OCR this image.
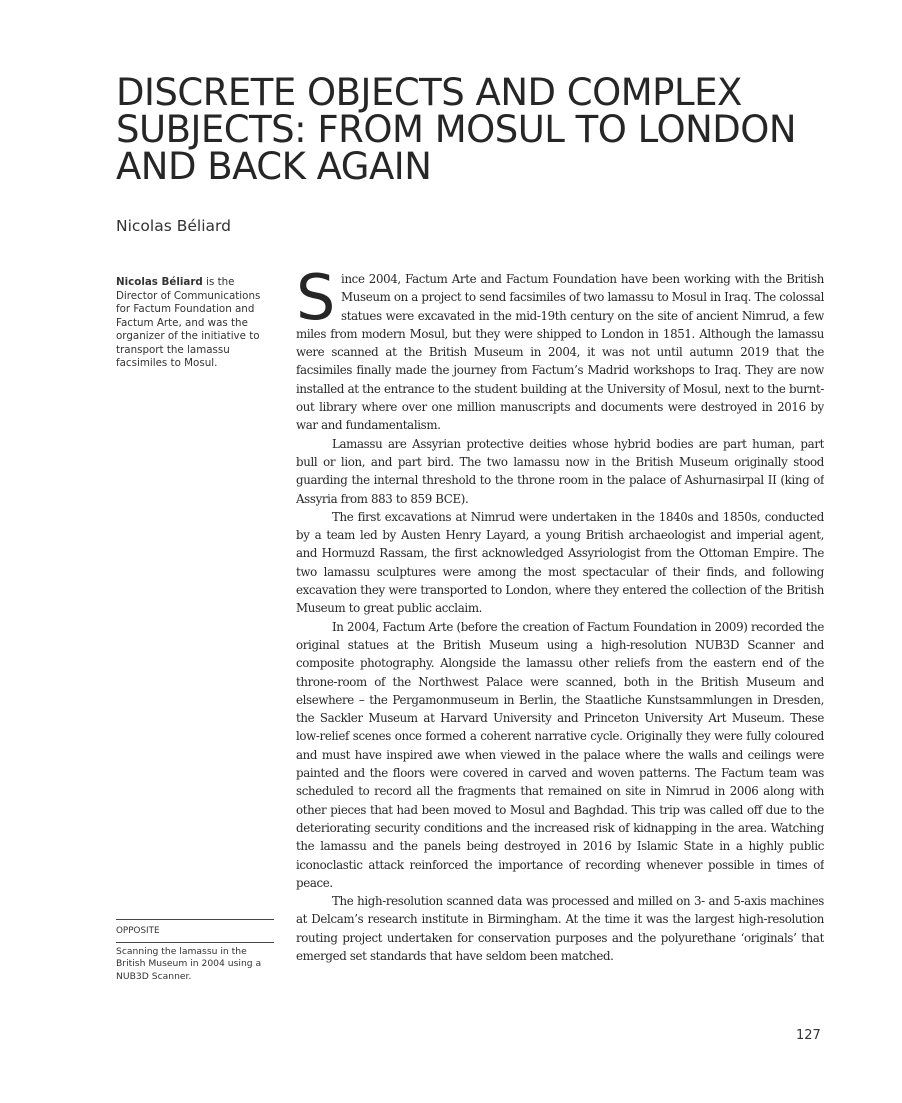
DISCRETE OBJECTS AND COMPLEX SUBJECTS: FROM MOSUL TO LONDON AND BACK AGAIN
Nicolas Béliard

Nicolas Béliard is the Director of Communications for Factum Foundation and Factum Arte, and was the organizer of the initiative to transport the lamassu facsimiles to Mosul.

OPPOSITE

Scanning the lamassu in the British Museum in 2004 using a NUB3D Scanner.

Since 2004, Factum Arte and Factum Foundation have been working with the British Museum on a project to send facsimiles of two lamassu to Mosul in Iraq. The colossal statues were excavated in the mid-19th century on the site of ancient Nimrud, a few miles from modern Mosul, but they were shipped to London in 1851. Although the lamassu were scanned at the British Museum in 2004, it was not until autumn 2019 that the facsimiles finally made the journey from Factum’s Madrid workshops to Iraq. They are now installed at the entrance to the student building at the University of Mosul, next to the burnt-out library where over one million manuscripts and documents were destroyed in 2016 by war and fundamentalism.

Lamassu are Assyrian protective deities whose hybrid bodies are part human, part bull or lion, and part bird. The two lamassu now in the British Museum originally stood guarding the internal threshold to the throne room in the palace of Ashurnasirpal II (king of Assyria from 883 to 859 BCE).

The first excavations at Nimrud were undertaken in the 1840s and 1850s, conducted by a team led by Austen Henry Layard, a young British archaeologist and imperial agent, and Hormuzd Rassam, the first acknowledged Assyriologist from the Ottoman Empire. The two lamassu sculptures were among the most spectacular of their finds, and following excavation they were transported to London, where they entered the collection of the British Museum to great public acclaim.

In 2004, Factum Arte (before the creation of Factum Foundation in 2009) recorded the original statues at the British Museum using a high-resolution NUB3D Scanner and composite photography. Alongside the lamassu other reliefs from the eastern end of the throne-room of the Northwest Palace were scanned, both in the British Museum and elsewhere – the Pergamonmuseum in Berlin, the Staatliche Kunstsammlungen in Dresden, the Sackler Museum at Harvard University and Princeton University Art Museum. These low-relief scenes once formed a coherent narrative cycle. Originally they were fully coloured and must have inspired awe when viewed in the palace where the walls and ceilings were painted and the floors were covered in carved and woven patterns. The Factum team was scheduled to record all the fragments that remained on site in Nimrud in 2006 along with other pieces that had been moved to Mosul and Baghdad. This trip was called off due to the deteriorating security conditions and the increased risk of kidnapping in the area. Watching the lamassu and the panels being destroyed in 2016 by Islamic State in a highly public iconoclastic attack reinforced the importance of recording whenever possible in times of peace.

The high-resolution scanned data was processed and milled on 3- and 5-axis machines at Delcam’s research institute in Birmingham. At the time it was the largest high-resolution routing project undertaken for conservation purposes and the polyurethane ‘originals’ that emerged set standards that have seldom been matched.

127
